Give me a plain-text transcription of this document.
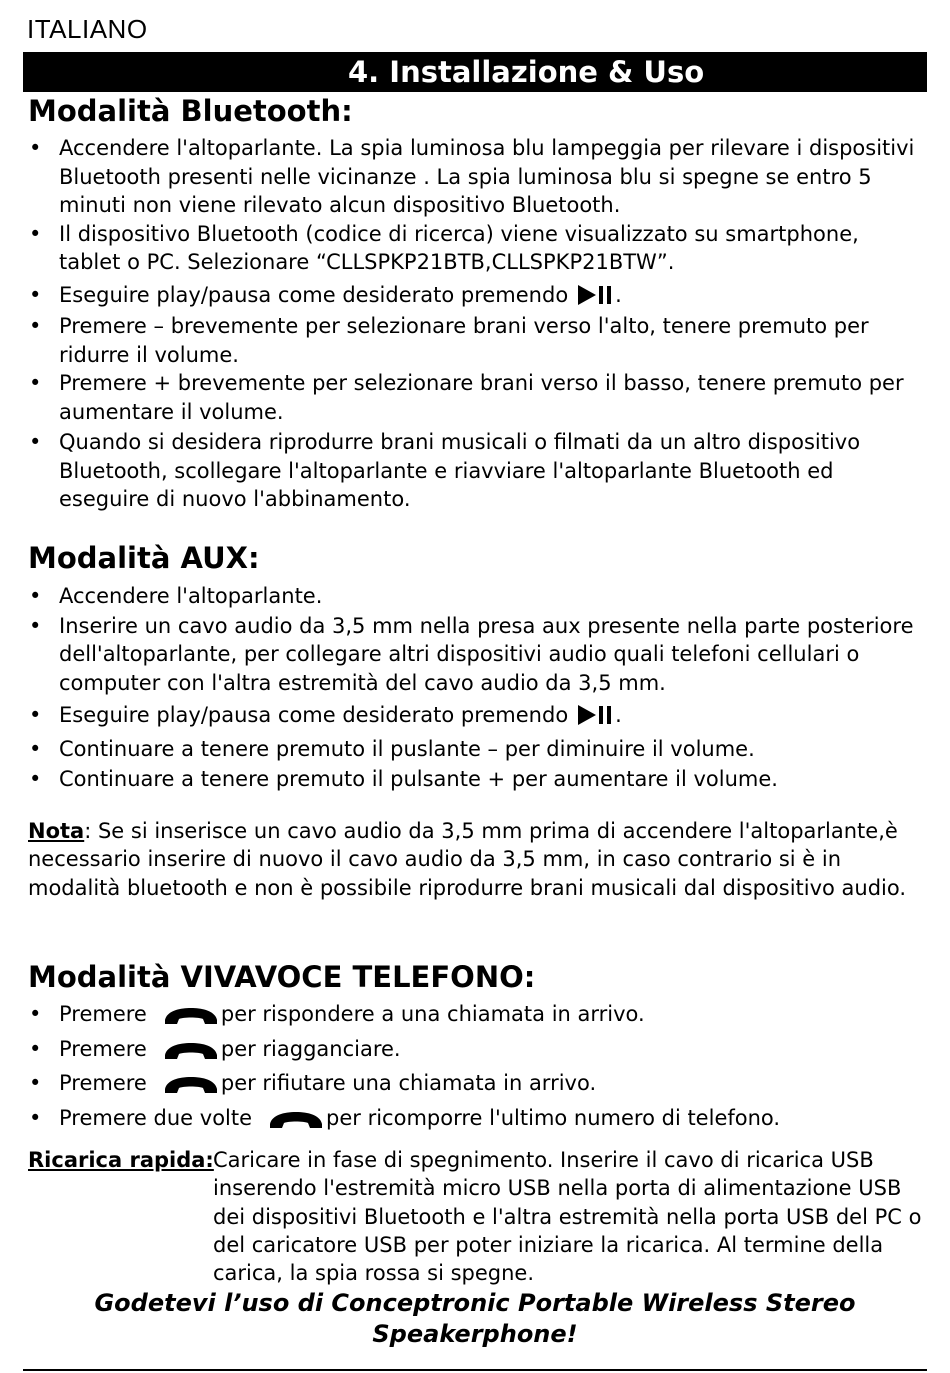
ITALIANO
4. Installazione & Uso
Modalità Bluetooth:
• Accendere l'altoparlante. La spia luminosa blu lampeggia per rilevare i dispositivi Bluetooth presenti nelle vicinanze . La spia luminosa blu si spegne se entro 5 minuti non viene rilevato alcun dispositivo Bluetooth.
• Il dispositivo Bluetooth (codice di ricerca) viene visualizzato su smartphone, tablet o PC. Selezionare “CLLSPKP21BTB,CLLSPKP21BTW”.
• Eseguire play/pausa come desiderato premendo .
• Premere – brevemente per selezionare brani verso l'alto, tenere premuto per ridurre il volume.
• Premere + brevemente per selezionare brani verso il basso, tenere premuto per aumentare il volume.
• Quando si desidera riprodurre brani musicali o filmati da un altro dispositivo Bluetooth, scollegare l'altoparlante e riavviare l'altoparlante Bluetooth ed eseguire di nuovo l'abbinamento.
Modalità AUX:
• Accendere l'altoparlante.
• Inserire un cavo audio da 3,5 mm nella presa aux presente nella parte posteriore dell'altoparlante, per collegare altri dispositivi audio quali telefoni cellulari o computer con l'altra estremità del cavo audio da 3,5 mm.
• Eseguire play/pausa come desiderato premendo .
• Continuare a tenere premuto il puslante – per diminuire il volume.
• Continuare a tenere premuto il pulsante + per aumentare il volume.

Nota: Se si inserisce un cavo audio da 3,5 mm prima di accendere l'altoparlante,è necessario inserire di nuovo il cavo audio da 3,5 mm, in caso contrario si è in modalità bluetooth e non è possibile riprodurre brani musicali dal dispositivo audio.

Modalità VIVAVOCE TELEFONO:
• Premere	per rispondere a una chiamata in arrivo.
• Premere	per riagganciare.
• Premere	per rifiutare una chiamata in arrivo.
• Premere due volte	per ricomporre l'ultimo numero di telefono.
Ricarica rapida: Caricare in fase di spegnimento. Inserire il cavo di ricarica USB inserendo l'estremità micro USB nella porta di alimentazione USB dei dispositivi Bluetooth e l'altra estremità nella porta USB del PC o del caricatore USB per poter iniziare la ricarica. Al termine della carica, la spia rossa si spegne.

Godetevi l’uso di Conceptronic Portable Wireless Stereo Speakerphone!
